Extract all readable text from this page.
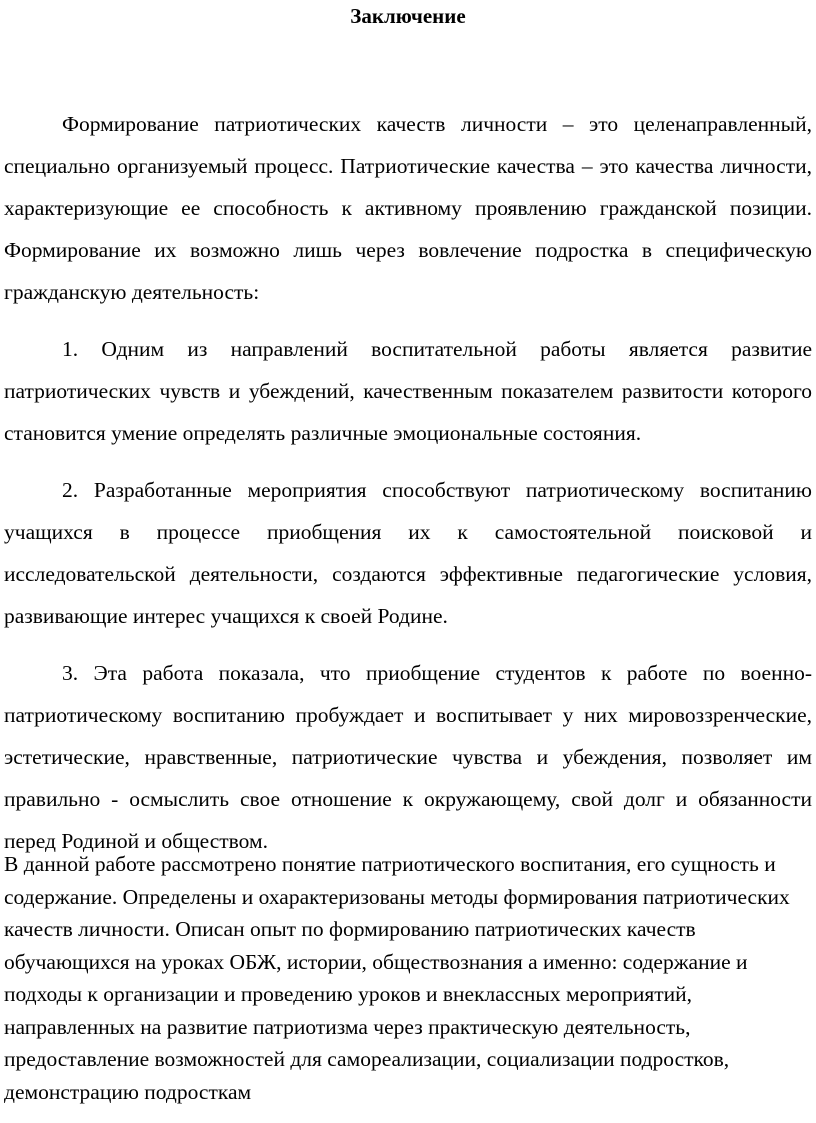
Заключение

Формирование патриотических качеств личности – это целенаправленный, специально организуемый процесс. Патриотические качества – это качества личности, характеризующие ее способность к активному проявлению гражданской позиции. Формирование их возможно лишь через вовлечение подростка в специфическую гражданскую деятельность:

1. Одним из направлений воспитательной работы является развитие патриотических чувств и убеждений, качественным показателем развитости которого становится умение определять различные эмоциональные состояния.

2. Разработанные мероприятия способствуют патриотическому воспитанию учащихся в процессе приобщения их к самостоятельной поисковой и исследовательской деятельности, создаются эффективные педагогические условия, развивающие интерес учащихся к своей Родине.

3. Эта работа показала, что приобщение студентов к работе по военно-патриотическому воспитанию пробуждает и воспитывает у них мировоззренческие, эстетические, нравственные, патриотические чувства и убеждения, позволяет им правильно - осмыслить свое отношение к окружающему, свой долг и обязанности перед Родиной и обществом.

В данной работе рассмотрено понятие патриотического воспитания, его сущность и содержание. Определены и охарактеризованы методы формирования патриотических качеств личности. Описан опыт по формированию патриотических качеств обучающихся на уроках ОБЖ, истории, обществознания а именно: содержание и подходы к организации и проведению уроков и внеклассных мероприятий, направленных на развитие патриотизма через практическую деятельность, предоставление возможностей для самореализации, социализации подростков, демонстрацию подросткам
